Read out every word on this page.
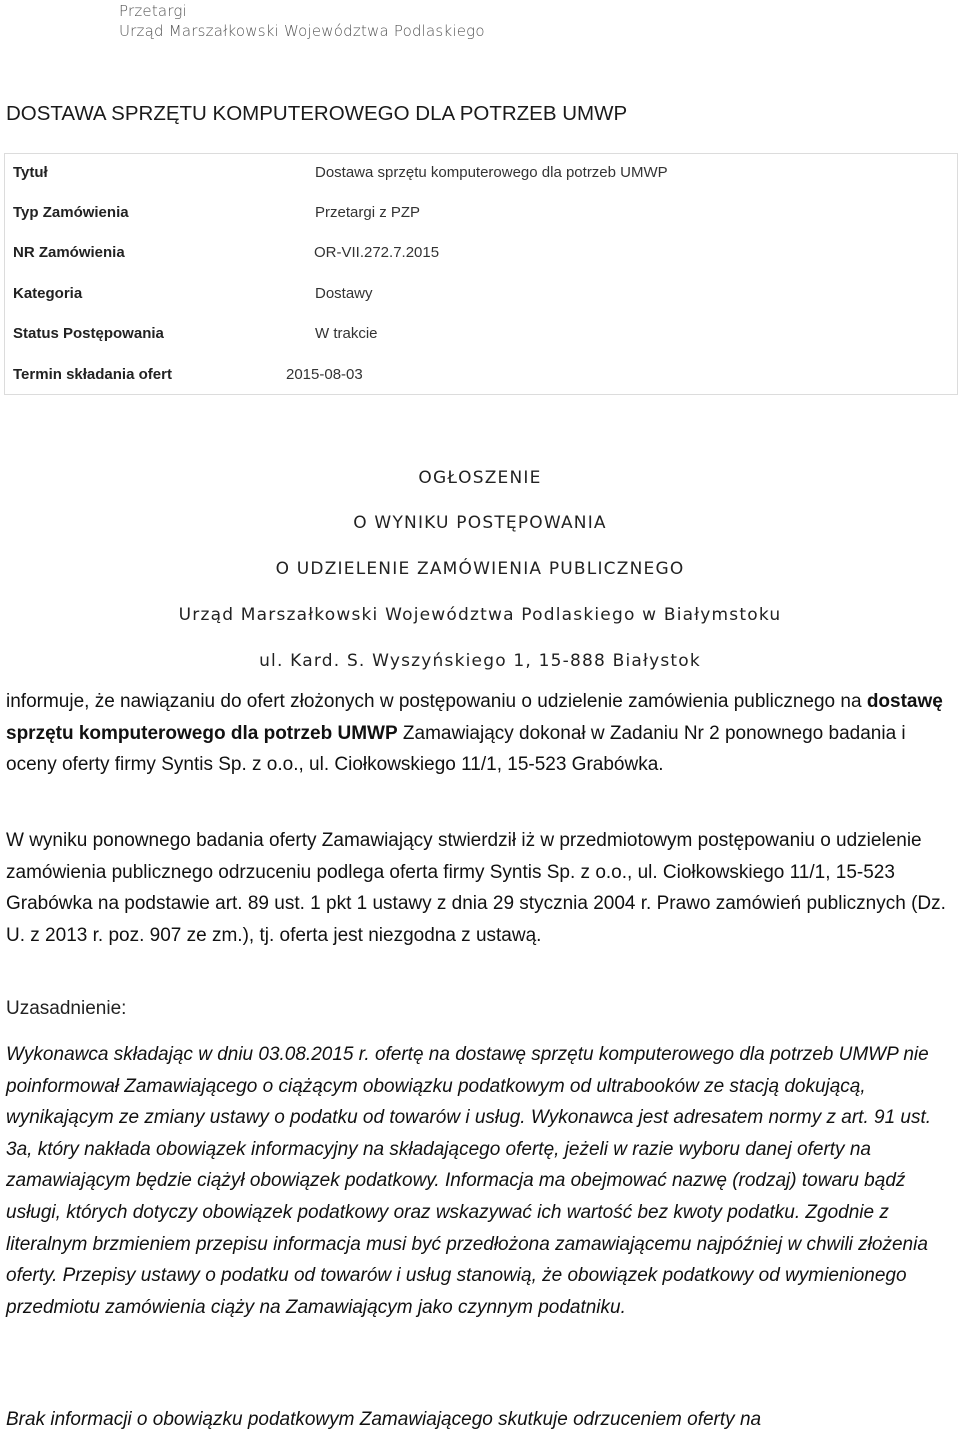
Przetargi
Urząd Marszałkowski Województwa Podlaskiego
DOSTAWA SPRZĘTU KOMPUTEROWEGO DLA POTRZEB UMWP
Tytuł	Dostawa sprzętu komputerowego dla potrzeb UMWP
Typ Zamówienia	Przetargi z PZP
NR Zamówienia	OR-VII.272.7.2015
Kategoria	Dostawy
Status Postępowania	W trakcie
Termin składania ofert	2015-08-03
OGŁOSZENIE
O WYNIKU POSTĘPOWANIA
O UDZIELENIE ZAMÓWIENIA PUBLICZNEGO
Urząd Marszałkowski Województwa Podlaskiego w Białymstoku
ul. Kard. S. Wyszyńskiego 1, 15-888 Białystok
informuje, że nawiązaniu do ofert złożonych w postępowaniu o udzielenie zamówienia publicznego na dostawę sprzętu komputerowego dla potrzeb UMWP Zamawiający dokonał w Zadaniu Nr 2 ponownego badania i oceny oferty firmy Syntis Sp. z o.o., ul. Ciołkowskiego 11/1, 15-523 Grabówka.
W wyniku ponownego badania oferty Zamawiający stwierdził iż w przedmiotowym postępowaniu o udzielenie zamówienia publicznego odrzuceniu podlega oferta firmy Syntis Sp. z o.o., ul. Ciołkowskiego 11/1, 15-523 Grabówka na podstawie art. 89 ust. 1 pkt 1 ustawy z dnia 29 stycznia 2004 r. Prawo zamówień publicznych (Dz. U. z 2013 r. poz. 907 ze zm.), tj. oferta jest niezgodna z ustawą.
Uzasadnienie:
Wykonawca składając w dniu 03.08.2015 r. ofertę na dostawę sprzętu komputerowego dla potrzeb UMWP nie poinformował Zamawiającego o ciążącym obowiązku podatkowym od ultrabooków ze stacją dokującą, wynikającym ze zmiany ustawy o podatku od towarów i usług. Wykonawca jest adresatem normy z art. 91 ust. 3a, który nakłada obowiązek informacyjny na składającego ofertę, jeżeli w razie wyboru danej oferty na zamawiającym będzie ciążył obowiązek podatkowy. Informacja ma obejmować nazwę (rodzaj) towaru bądź usługi, których dotyczy obowiązek podatkowy oraz wskazywać ich wartość bez kwoty podatku. Zgodnie z literalnym brzmieniem przepisu informacja musi być przedłożona zamawiającemu najpóźniej w chwili złożenia oferty. Przepisy ustawy o podatku od towarów i usług stanowią, że obowiązek podatkowy od wymienionego przedmiotu zamówienia ciąży na Zamawiającym jako czynnym podatniku.
Brak informacji o obowiązku podatkowym Zamawiającego skutkuje odrzuceniem oferty na
